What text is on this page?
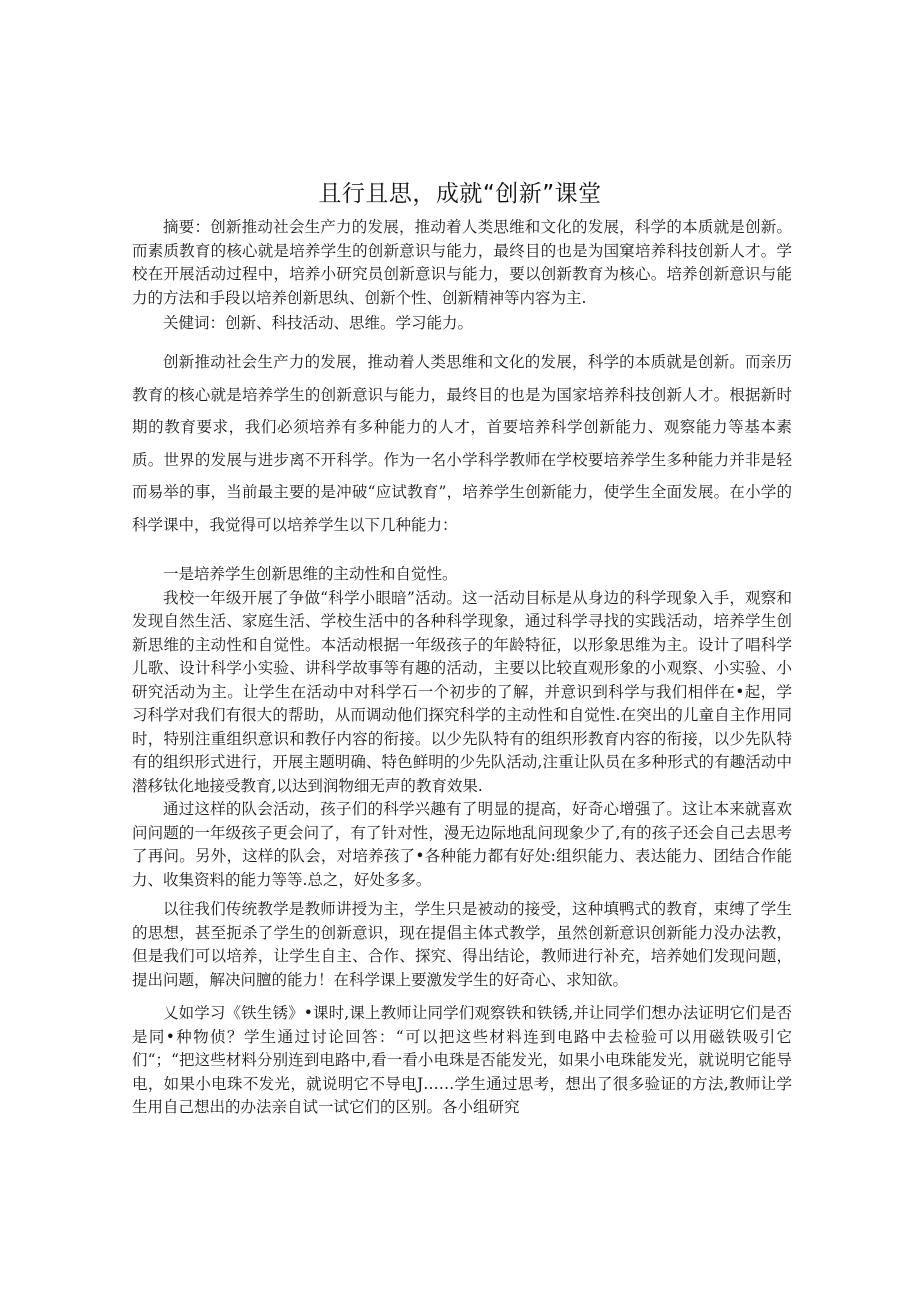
且行且思，成就“创新”课堂

摘要：创新推动社会生产力的发展，推动着人类思维和文化的发展，科学的本质就是创新。而素质教育的核心就是培养学生的创新意识与能力，最终目的也是为国窠培养科技创新人才。学校在开展活动过程中，培养小研究员创新意识与能力，要以创新教育为核心。培养创新意识与能力的方法和手段以培养创新思纨、创新个性、创新精神等内容为主.

关健词：创新、科技活动、思维。学习能力。

创新推动社会生产力的发展，推动着人类思维和文化的发展，科学的本质就是创新。而亲历教育的核心就是培养学生的创新意识与能力，最终目的也是为国家培养科技创新人才。根据新时期的教育要求，我们必须培养有多种能力的人才，首要培养科学创新能力、观察能力等基本素质。世界的发展与进步离不开科学。作为一名小学科学教师在学校要培养学生多种能力并非是轻而易举的事，当前最主要的是冲破“应试教育”，培养学生创新能力，使学生全面发展。在小学的科学课中，我觉得可以培养学生以下几种能力：

一是培养学生创新思维的主动性和自觉性。

我校一年级开展了争做“科学小眼暗”活动。这一活动目标是从身边的科学现象入手，观察和发现自然生活、家庭生活、学校生活中的各种科学现象，通过科学寻找的实践活动，培养学生创新思维的主动性和自觉性。本活动根据一年级孩子的年龄特征，以形象思维为主。设计了唱科学儿歌、设计科学小实验、讲科学故事等有趣的活动，主要以比较直观形象的小观察、小实验、小研究活动为主。让学生在活动中对科学石一个初步的了解，并意识到科学与我们相伴在•起，学习科学对我们有很大的帮助，从而调动他们探究科学的主动性和自觉性.在突出的儿童自主作用同时，特别注重组织意识和教仔内容的衔接。以少先队特有的组织形教育内容的衔接，以少先队特有的组织形式进行，开展主题明确、特色鲜明的少先队活动,注重让队员在多种形式的有趣活动中潜移钛化地接受教育,以达到润物细无声的教育效果.

通过这样的队会活动，孩子们的科学兴趣有了明显的提高，好奇心增强了。这让本来就喜欢问问题的一年级孩子更会问了，有了针对性，漫无边际地乱问现象少了,有的孩子还会自己去思考了再问。另外，这样的队会，对培养孩了•各种能力都有好处:组织能力、表达能力、团结合作能力、收集资料的能力等等.总之，好处多多。

以往我们传统教学是教师讲授为主，学生只是被动的接受，这种填鸭式的教育，束缚了学生的思想，甚至扼杀了学生的创新意识，现在提倡主体式教学，虽然创新意识创新能力没办法教，但是我们可以培养，让学生自主、合作、探究、得出结论，教师进行补充，培养她们发现问题，提出问题，解决问膻的能力！在科学课上要激发学生的好奇心、求知欲。

乂如学习《铁生锈》•课时,课上教师让同学们观察铁和铁锈,并让同学们想办法证明它们是否是同•种物侦？学生通过讨论回答：“可以把这些材料连到电路中去检验可以用磁铁吸引它们“；“把这些材料分别连到电路中,看一看小电珠是否能发光，如果小电珠能发光，就说明它能导电，如果小电珠不发光，就说明它不导电J……学生通过思考，想出了很多验证的方法,教师让学生用自己想出的办法亲自试一试它们的区别。各小组研究
